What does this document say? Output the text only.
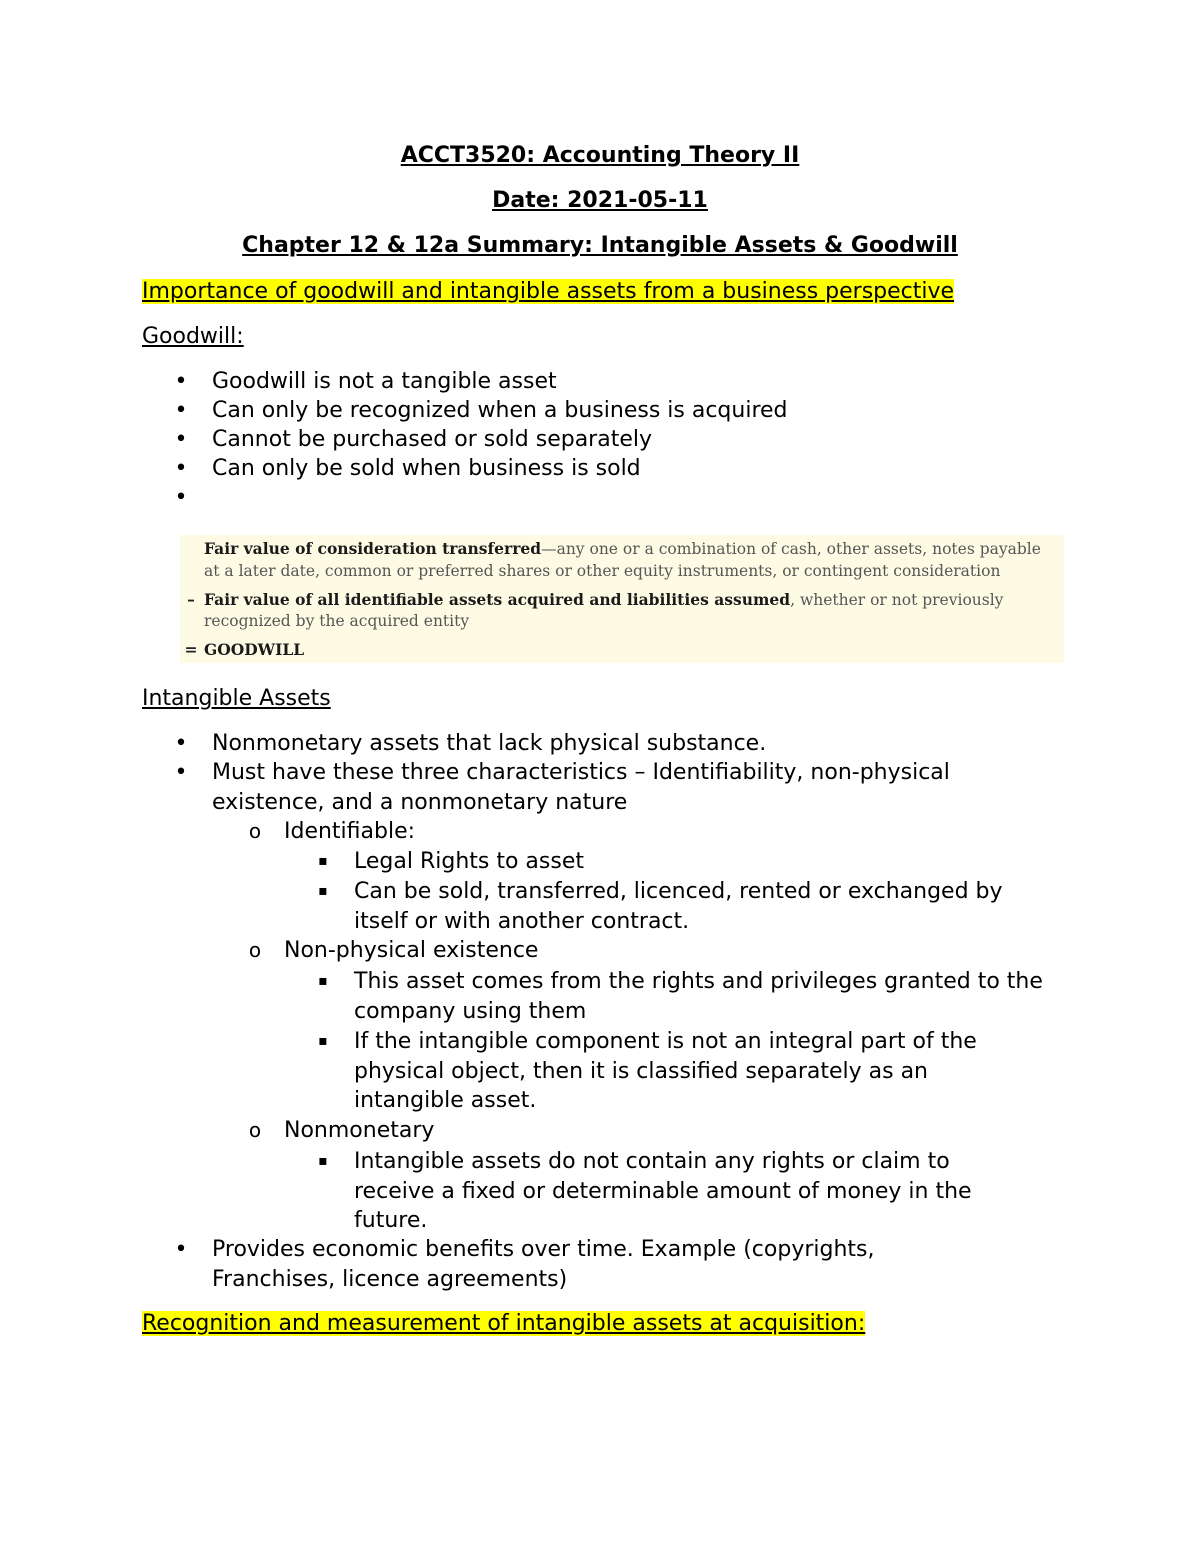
ACCT3520: Accounting Theory II
Date: 2021-05-11
Chapter 12 & 12a Summary: Intangible Assets & Goodwill
Importance of goodwill and intangible assets from a business perspective
Goodwill:
• Goodwill is not a tangible asset
• Can only be recognized when a business is acquired
• Cannot be purchased or sold separately
• Can only be sold when business is sold
•
Fair value of consideration transferred—any one or a combination of cash, other assets, notes payable
at a later date, common or preferred shares or other equity instruments, or contingent consideration
– Fair value of all identifiable assets acquired and liabilities assumed, whether or not previously
recognized by the acquired entity
= GOODWILL
Intangible Assets
• Nonmonetary assets that lack physical substance.
• Must have these three characteristics – Identifiability, non-physical existence, and a nonmonetary nature
o Identifiable:
▪ Legal Rights to asset
▪ Can be sold, transferred, licenced, rented or exchanged by itself or with another contract.
o Non-physical existence
▪ This asset comes from the rights and privileges granted to the company using them
▪ If the intangible component is not an integral part of the physical object, then it is classified separately as an intangible asset.
o Nonmonetary
▪ Intangible assets do not contain any rights or claim to receive a fixed or determinable amount of money in the future.
• Provides economic benefits over time. Example (copyrights, Franchises, licence agreements)
Recognition and measurement of intangible assets at acquisition:
